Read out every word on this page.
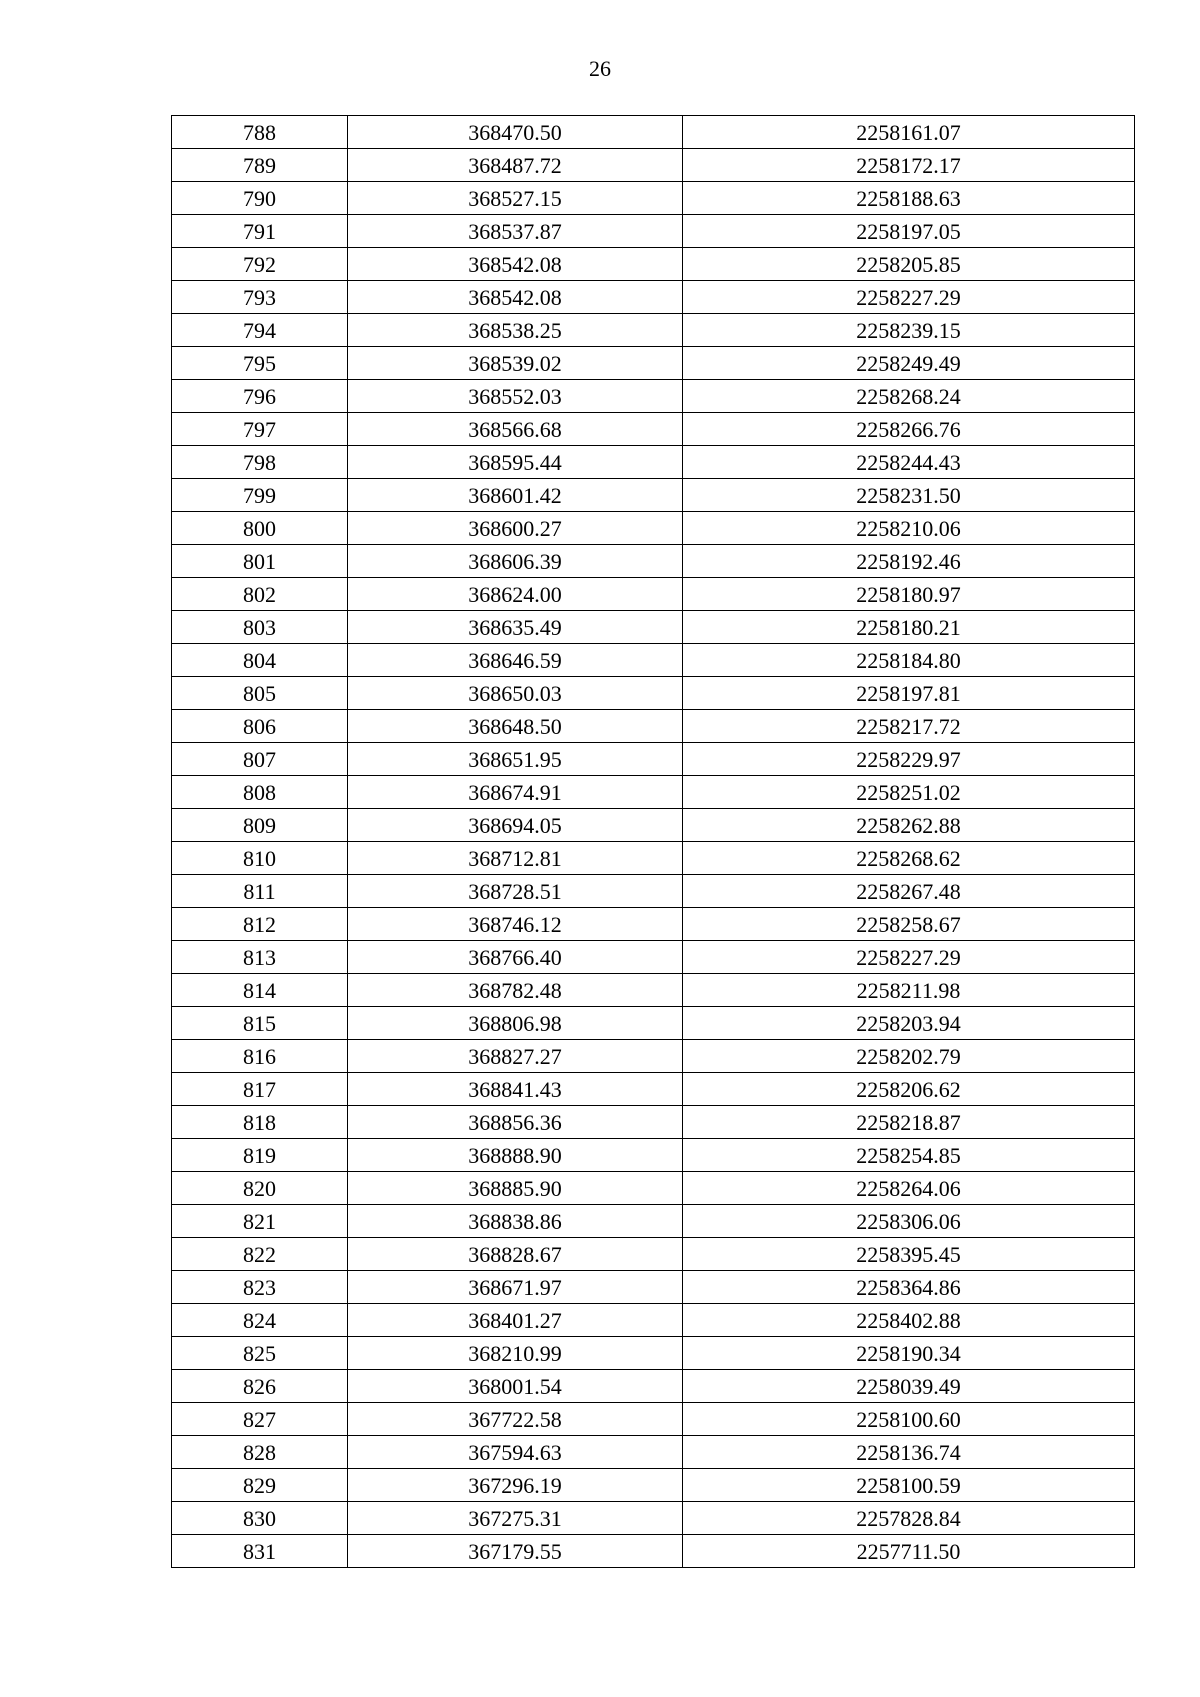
26
788	368470.50	2258161.07
789	368487.72	2258172.17
790	368527.15	2258188.63
791	368537.87	2258197.05
792	368542.08	2258205.85
793	368542.08	2258227.29
794	368538.25	2258239.15
795	368539.02	2258249.49
796	368552.03	2258268.24
797	368566.68	2258266.76
798	368595.44	2258244.43
799	368601.42	2258231.50
800	368600.27	2258210.06
801	368606.39	2258192.46
802	368624.00	2258180.97
803	368635.49	2258180.21
804	368646.59	2258184.80
805	368650.03	2258197.81
806	368648.50	2258217.72
807	368651.95	2258229.97
808	368674.91	2258251.02
809	368694.05	2258262.88
810	368712.81	2258268.62
811	368728.51	2258267.48
812	368746.12	2258258.67
813	368766.40	2258227.29
814	368782.48	2258211.98
815	368806.98	2258203.94
816	368827.27	2258202.79
817	368841.43	2258206.62
818	368856.36	2258218.87
819	368888.90	2258254.85
820	368885.90	2258264.06
821	368838.86	2258306.06
822	368828.67	2258395.45
823	368671.97	2258364.86
824	368401.27	2258402.88
825	368210.99	2258190.34
826	368001.54	2258039.49
827	367722.58	2258100.60
828	367594.63	2258136.74
829	367296.19	2258100.59
830	367275.31	2257828.84
831	367179.55	2257711.50
